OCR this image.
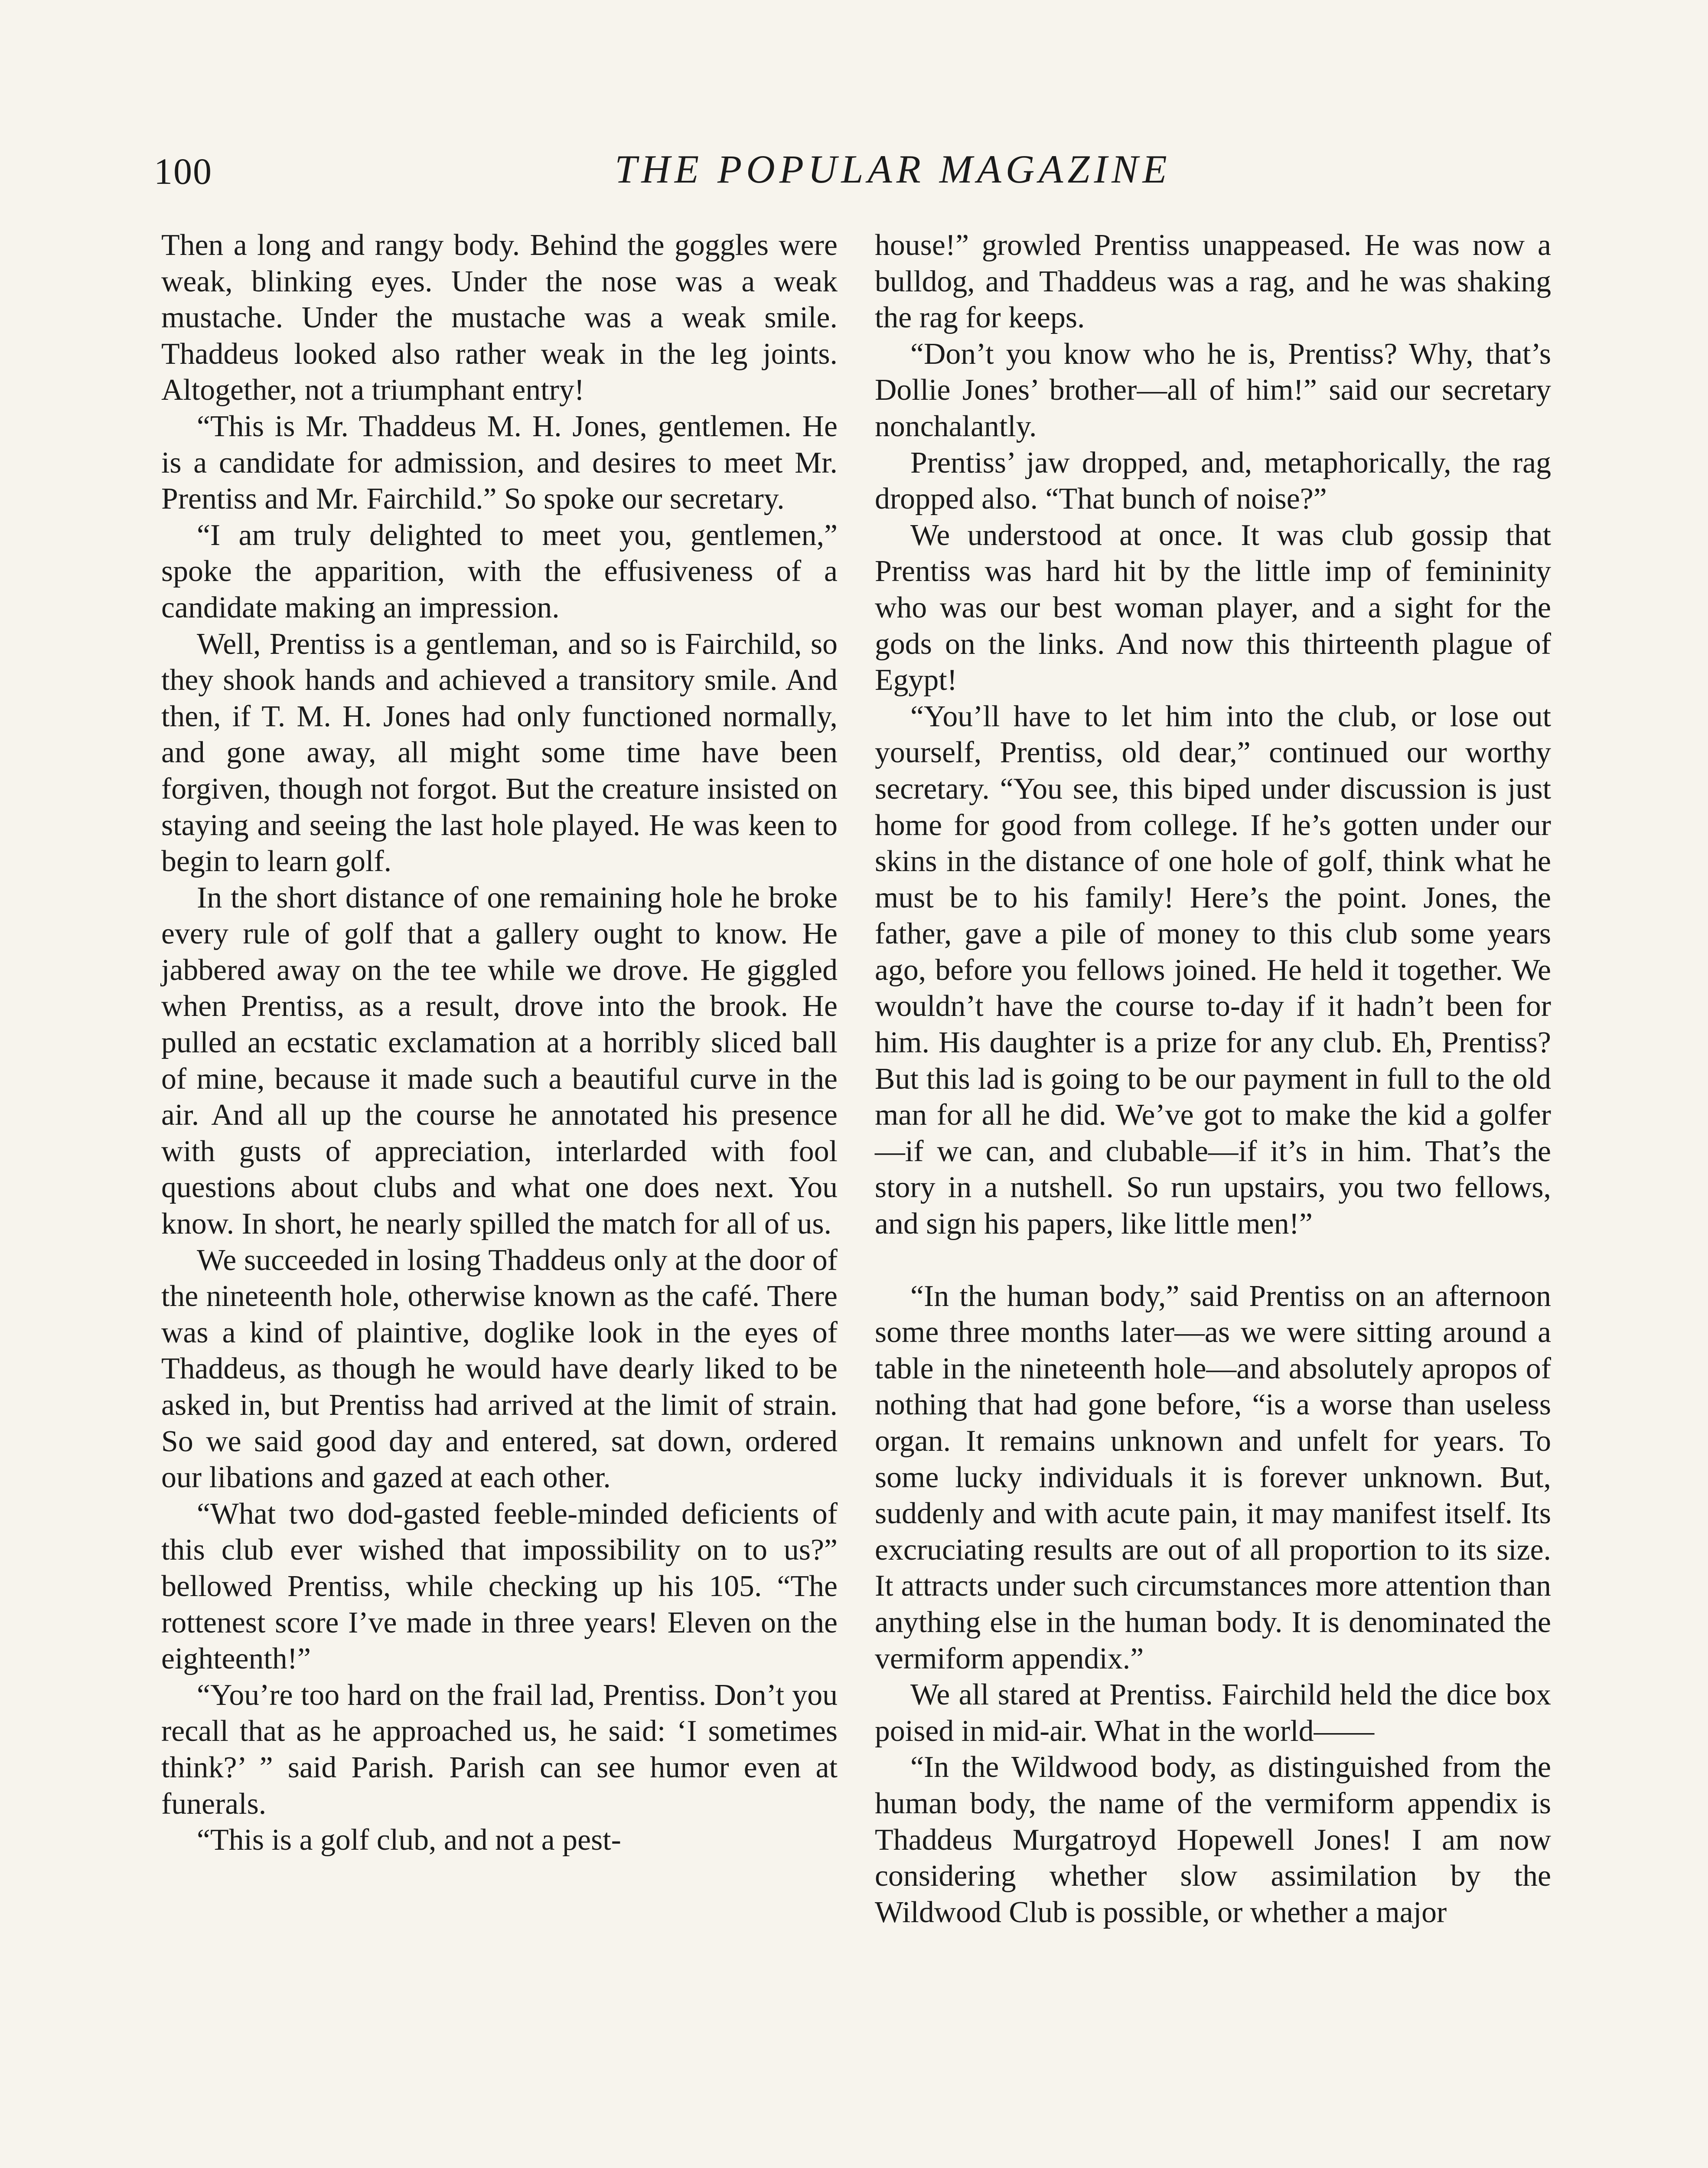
100	THE POPULAR MAGAZINE

Then a long and rangy body. Behind the goggles were weak, blinking eyes. Under the nose was a weak mustache. Under the mustache was a weak smile. Thaddeus looked also rather weak in the leg joints. Altogether, not a triumphant entry!

“This is Mr. Thaddeus M. H. Jones, gentlemen. He is a candidate for admission, and desires to meet Mr. Prentiss and Mr. Fairchild.” So spoke our secretary.

“I am truly delighted to meet you, gentlemen,” spoke the apparition, with the effusiveness of a candidate making an impression.

Well, Prentiss is a gentleman, and so is Fairchild, so they shook hands and achieved a transitory smile. And then, if T. M. H. Jones had only functioned normally, and gone away, all might some time have been forgiven, though not forgot. But the creature insisted on staying and seeing the last hole played. He was keen to begin to learn golf.

In the short distance of one remaining hole he broke every rule of golf that a gallery ought to know. He jabbered away on the tee while we drove. He giggled when Prentiss, as a result, drove into the brook. He pulled an ecstatic exclamation at a horribly sliced ball of mine, because it made such a beautiful curve in the air. And all up the course he annotated his presence with gusts of appreciation, interlarded with fool questions about clubs and what one does next. You know. In short, he nearly spilled the match for all of us.

We succeeded in losing Thaddeus only at the door of the nineteenth hole, otherwise known as the café. There was a kind of plaintive, doglike look in the eyes of Thaddeus, as though he would have dearly liked to be asked in, but Prentiss had arrived at the limit of strain. So we said good day and entered, sat down, ordered our libations and gazed at each other.

“What two dod-gasted feeble-minded deficients of this club ever wished that impossibility on to us?” bellowed Prentiss, while checking up his 105. “The rottenest score I’ve made in three years! Eleven on the eighteenth!”

“You’re too hard on the frail lad, Prentiss. Don’t you recall that as he approached us, he said: ‘I sometimes think?’ ” said Parish. Parish can see humor even at funerals.

“This is a golf club, and not a pest-

house!” growled Prentiss unappeased. He was now a bulldog, and Thaddeus was a rag, and he was shaking the rag for keeps.

“Don’t you know who he is, Prentiss? Why, that’s Dollie Jones’ brother—all of him!” said our secretary nonchalantly.

Prentiss’ jaw dropped, and, metaphorically, the rag dropped also. “That bunch of noise?”

We understood at once. It was club gossip that Prentiss was hard hit by the little imp of femininity who was our best woman player, and a sight for the gods on the links. And now this thirteenth plague of Egypt!

“You’ll have to let him into the club, or lose out yourself, Prentiss, old dear,” continued our worthy secretary. “You see, this biped under discussion is just home for good from college. If he’s gotten under our skins in the distance of one hole of golf, think what he must be to his family! Here’s the point. Jones, the father, gave a pile of money to this club some years ago, before you fellows joined. He held it together. We wouldn’t have the course to-day if it hadn’t been for him. His daughter is a prize for any club. Eh, Prentiss? But this lad is going to be our payment in full to the old man for all he did. We’ve got to make the kid a golfer—if we can, and clubable—if it’s in him. That’s the story in a nutshell. So run upstairs, you two fellows, and sign his papers, like little men!”

“In the human body,” said Prentiss on an afternoon some three months later—as we were sitting around a table in the nineteenth hole—and absolutely apropos of nothing that had gone before, “is a worse than useless organ. It remains unknown and unfelt for years. To some lucky individuals it is forever unknown. But, suddenly and with acute pain, it may manifest itself. Its excruciating results are out of all proportion to its size. It attracts under such circumstances more attention than anything else in the human body. It is denominated the vermiform appendix.”

We all stared at Prentiss. Fairchild held the dice box poised in mid-air. What in the world——

“In the Wildwood body, as distinguished from the human body, the name of the vermiform appendix is Thaddeus Murgatroyd Hopewell Jones! I am now considering whether slow assimilation by the Wildwood Club is possible, or whether a major
